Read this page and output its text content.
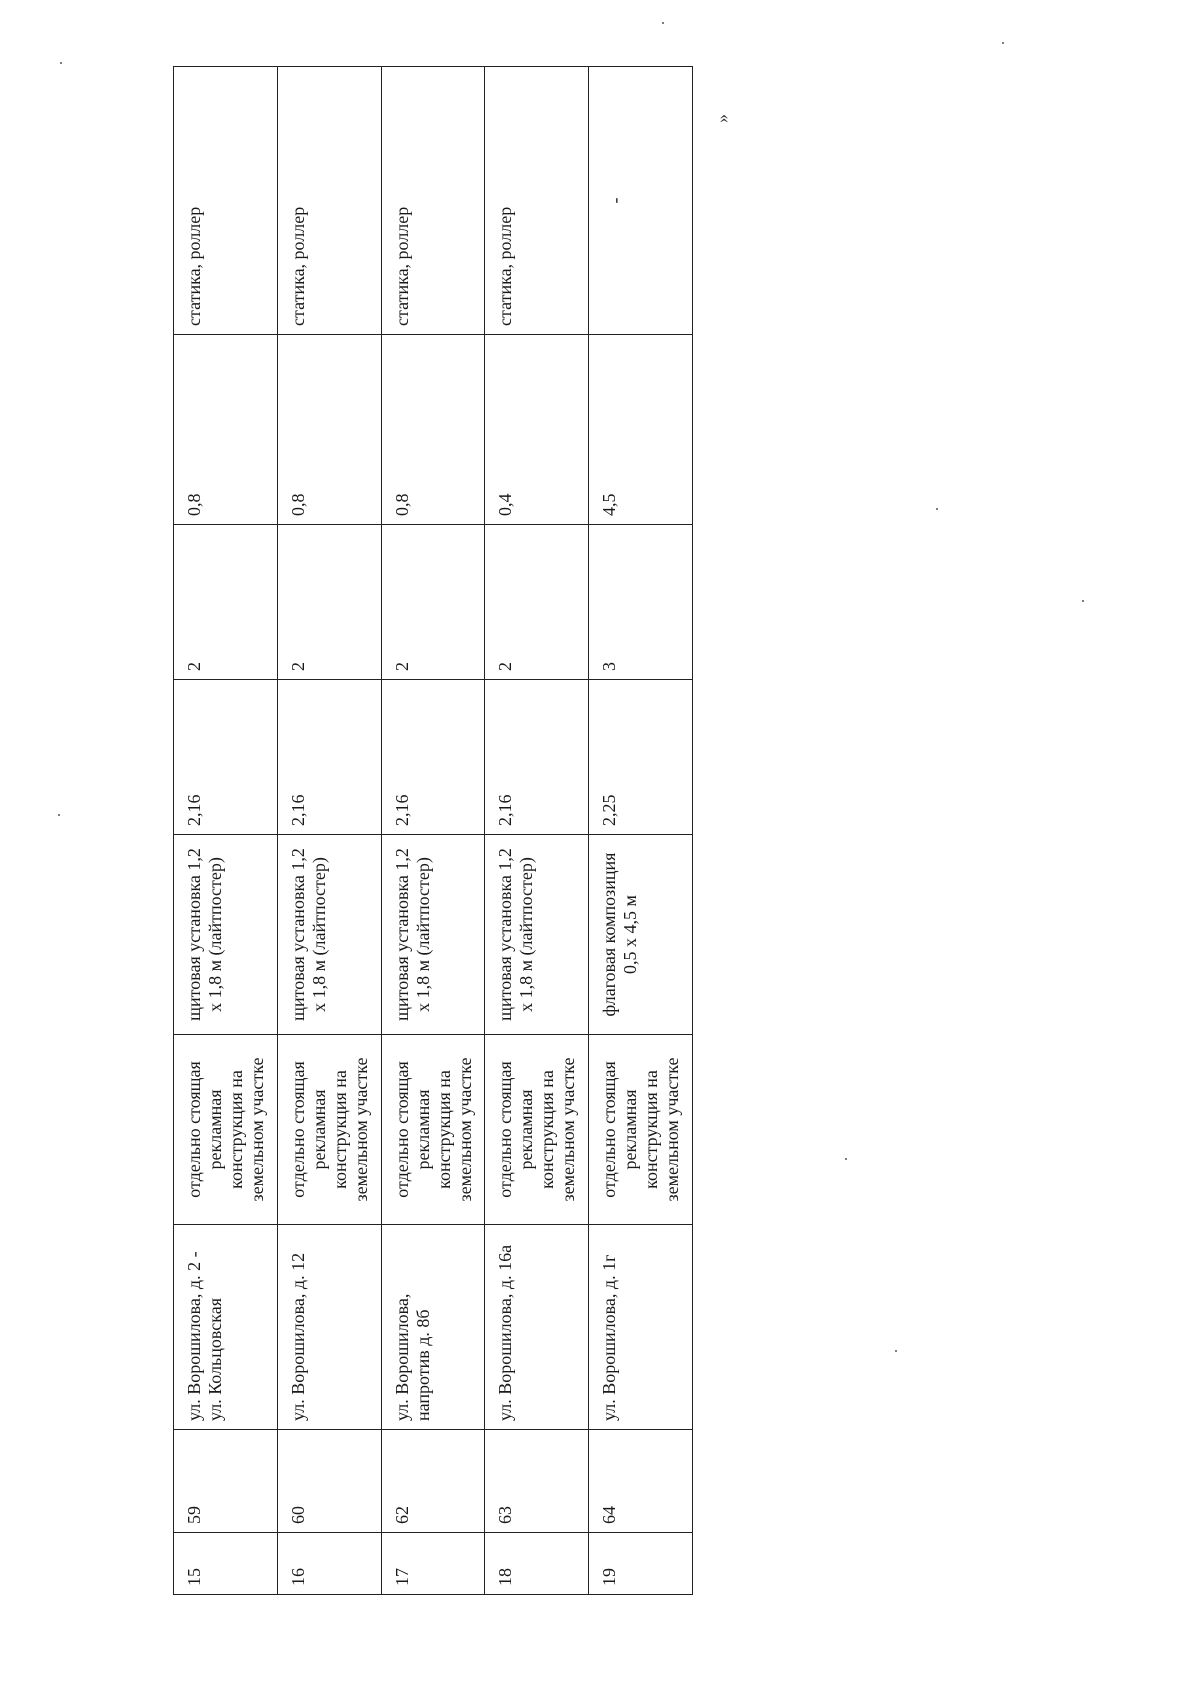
15	59	ул. Ворошилова, д. 2 - ул. Кольцовская	отдельно стоящая рекламная конструкция на земельном участке	щитовая установка 1,2 х 1,8 м (лайтпостер)	2,16	2	0,8	статика, роллер

16	60	ул. Ворошилова, д. 12	отдельно стоящая рекламная конструкция на земельном участке	щитовая установка 1,2 х 1,8 м (лайтпостер)	2,16	2	0,8	статика, роллер

17	62	ул. Ворошилова, напротив д. 8б	отдельно стоящая рекламная конструкция на земельном участке	щитовая установка 1,2 х 1,8 м (лайтпостер)	2,16	2	0,8	статика, роллер

18	63	ул. Ворошилова, д. 16а	отдельно стоящая рекламная конструкция на земельном участке	щитовая установка 1,2 х 1,8 м (лайтпостер)	2,16	2	0,4	статика, роллер

19	64	ул. Ворошилова, д. 1г	отдельно стоящая рекламная конструкция на земельном участке	флаговая композиция 0,5 х 4,5 м	2,25	3	4,5	-
»
